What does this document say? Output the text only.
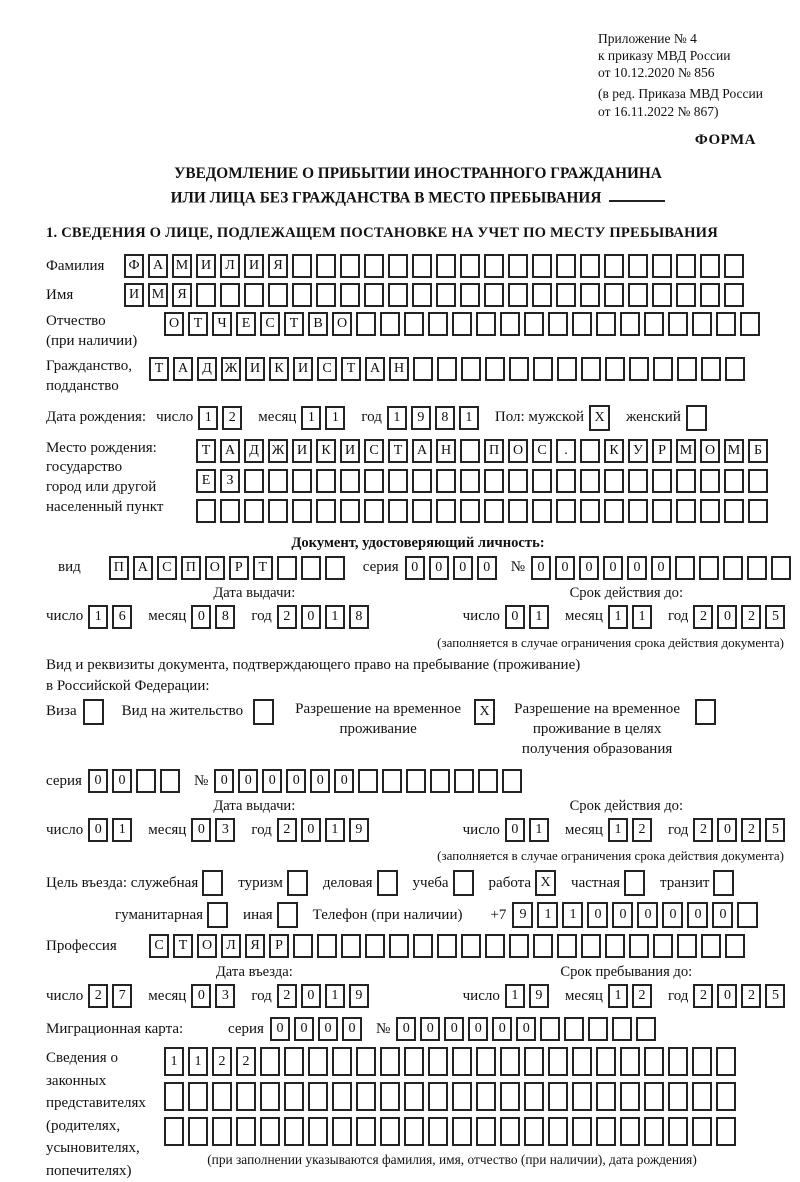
Приложение № 4
к приказу МВД России
от 10.12.2020 № 856
(в ред. Приказа МВД России
от 16.11.2022 № 867)
ФОРМА
УВЕДОМЛЕНИЕ О ПРИБЫТИИ ИНОСТРАННОГО ГРАЖДАНИНА
ИЛИ ЛИЦА БЕЗ ГРАЖДАНСТВА В МЕСТО ПРЕБЫВАНИЯ
1. СВЕДЕНИЯ О ЛИЦЕ, ПОДЛЕЖАЩЕМ ПОСТАНОВКЕ НА УЧЕТ ПО МЕСТУ ПРЕБЫВАНИЯ
Фамилия	Ф А М И	Л	И	Я
Имя	И М Я
Отчество
(при наличии)
О	Т	Ч	Е	С	Т	В	О
Гражданство,
подданство
Т	А	Д Ж И	К	И	С	Т	А Н
Дата рождения: число 1	2	месяц 1	1	год 1	9	8	1	Пол: мужской X	женский
Место рождения:
государство
город или другой
населенный пункт
Т	А	Д Ж И	К	И	С	Т	А Н	П О	С	.	К	У	Р М О М Б
Е	З
Документ, удостоверяющий личность:
вид	П А	С	П О	Р	Т	серия 0	0	0	0	№ 0	0	0	0	0	0
Дата выдачи:
число 1	6	месяц 0	8	год 2	0	1	8
Срок действия до:
число 0	1	месяц 1	1	год 2	0	2	5
(заполняется в случае ограничения срока действия документа)
Вид и реквизиты документа, подтверждающего право на пребывание (проживание)
в Российской Федерации:
Виза	Вид на жительство	Разрешение на временное проживание
X	Разрешение на временное проживание в целях получения образования
серия 0	0	№ 0	0	0	0	0	0
Дата выдачи:
число 0	1	месяц 0	3	год 2	0	1	9
Срок действия до:
число 0	1	месяц 1	2	год 2	0	2	5
(заполняется в случае ограничения срока действия документа)
Цель въезда: служебная	туризм	деловая	учеба	работа X	частная	транзит
гуманитарная	иная	Телефон (при наличии) +7 9	1	1	0	0	0	0	0	0
Профессия	С	Т	О	Л	Я	Р
Дата въезда:
число 2	7	месяц 0	3	год 2	0	1	9
Срок пребывания до:
число 1	9	месяц 1	2	год 2	0	2	5
Миграционная карта:	серия 0	0	0	0	№ 0	0	0	0	0	0
Сведения о
законных
представителях
(родителях,
усыновителях,
попечителях)
1	1	2	2
(при заполнении указываются фамилия, имя, отчество (при наличии), дата рождения)
